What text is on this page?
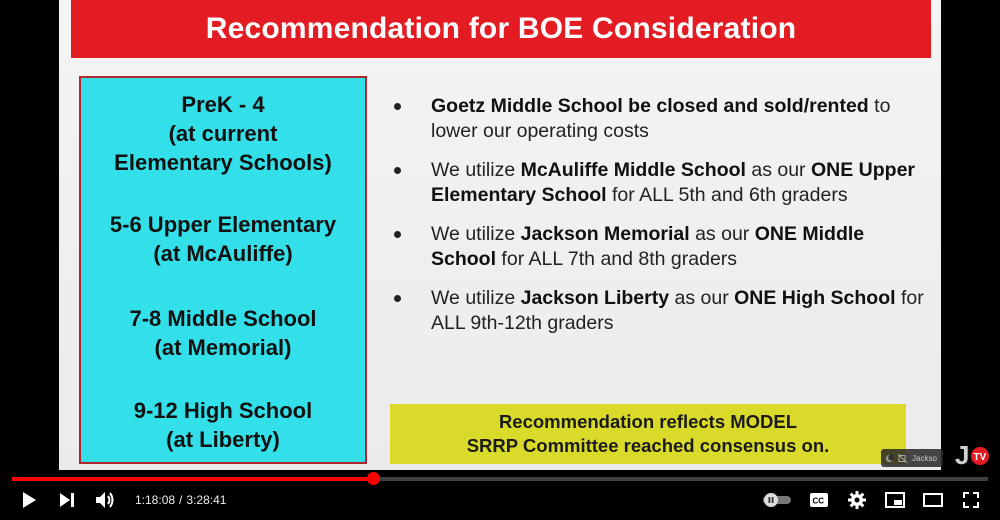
Recommendation for BOE Consideration
PreK - 4
(at current
Elementary Schools)
5-6 Upper Elementary
(at McAuliffe)
7-8 Middle School
(at Memorial)
9-12 High School
(at Liberty)
Goetz Middle School be closed and sold/rented to lower our operating costs
We utilize McAuliffe Middle School as our ONE Upper Elementary School for ALL 5th and 6th graders
We utilize Jackson Memorial as our ONE Middle School for ALL 7th and 8th graders
We utilize Jackson Liberty as our ONE High School for ALL 9th-12th graders
Recommendation reflects MODEL
SRRP Committee reached consensus on.
Jackso J TV
CC
1:18:08 / 3:28:41
